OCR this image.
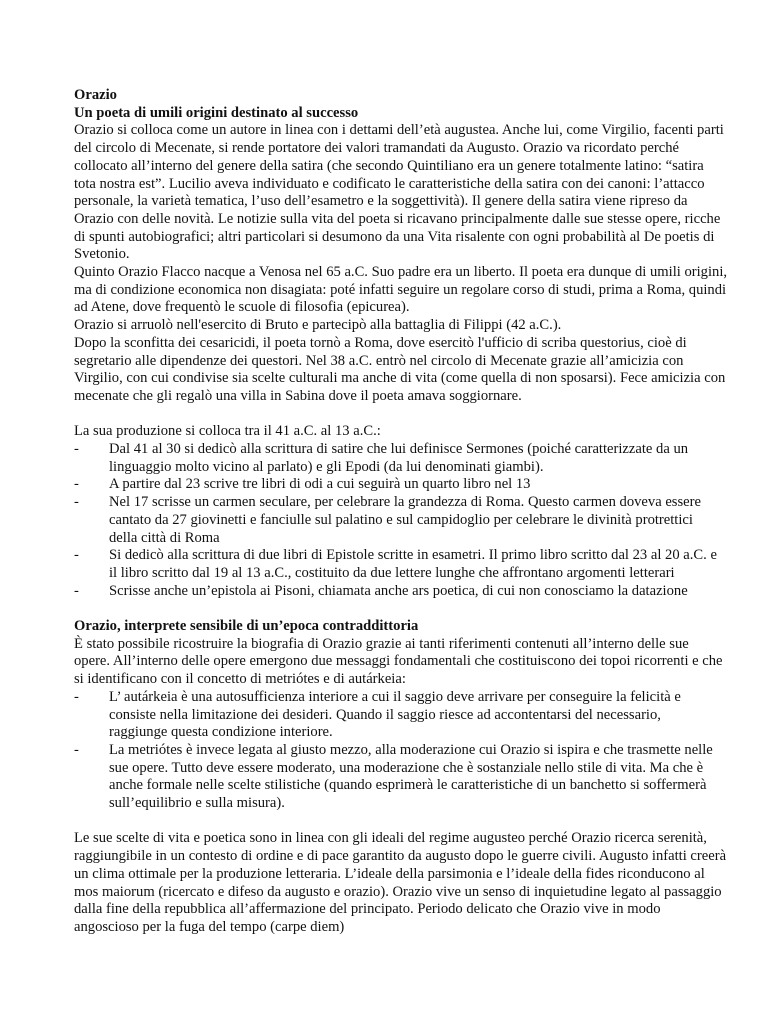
Orazio
Un poeta di umili origini destinato al successo

Orazio si colloca come un autore in linea con i dettami dell’età augustea. Anche lui, come Virgilio, facenti parti del circolo di Mecenate, si rende portatore dei valori tramandati da Augusto. Orazio va ricordato perché collocato all’interno del genere della satira (che secondo Quintiliano era un genere totalmente latino: “satira tota nostra est”. Lucilio aveva individuato e codificato le caratteristiche della satira con dei canoni: l’attacco personale, la varietà tematica, l’uso dell’esametro e la soggettività). Il genere della satira viene ripreso da Orazio con delle novità. Le notizie sulla vita del poeta si ricavano principalmente dalle sue stesse opere, ricche di spunti autobiografici; altri particolari si desumono da una Vita risalente con ogni probabilità al De poetis di Svetonio.

Quinto Orazio Flacco nacque a Venosa nel 65 a.C. Suo padre era un liberto. Il poeta era dunque di umili origini, ma di condizione economica non disagiata: poté infatti seguire un regolare corso di studi, prima a Roma, quindi ad Atene, dove frequentò le scuole di filosofia (epicurea).

Orazio si arruolò nell'esercito di Bruto e partecipò alla battaglia di Filippi (42 a.C.).

Dopo la sconfitta dei cesaricidi, il poeta tornò a Roma, dove esercitò l'ufficio di scriba questorius, cioè di segretario alle dipendenze dei questori. Nel 38 a.C. entrò nel circolo di Mecenate grazie all’amicizia con Virgilio, con cui condivise sia scelte culturali ma anche di vita (come quella di non sposarsi). Fece amicizia con mecenate che gli regalò una villa in Sabina dove il poeta amava soggiornare.

La sua produzione si colloca tra il 41 a.C. al 13 a.C.:

-	Dal 41 al 30 si dedicò alla scrittura di satire che lui definisce Sermones (poiché caratterizzate da un linguaggio molto vicino al parlato) e gli Epodi (da lui denominati giambi).
-	A partire dal 23 scrive tre libri di odi a cui seguirà un quarto libro nel 13
-	Nel 17 scrisse un carmen seculare, per celebrare la grandezza di Roma. Questo carmen doveva essere cantato da 27 giovinetti e fanciulle sul palatino e sul campidoglio per celebrare le divinità protrettici della città di Roma
-	Si dedicò alla scrittura di due libri di Epistole scritte in esametri. Il primo libro scritto dal 23 al 20 a.C. e il libro scritto dal 19 al 13 a.C., costituito da due lettere lunghe che affrontano argomenti letterari
-	Scrisse anche un’epistola ai Pisoni, chiamata anche ars poetica, di cui non conosciamo la datazione
Orazio, interprete sensibile di un’epoca contraddittoria

È stato possibile ricostruire la biografia di Orazio grazie ai tanti riferimenti contenuti all’interno delle sue opere. All’interno delle opere emergono due messaggi fondamentali che costituiscono dei topoi ricorrenti e che si identificano con il concetto di metriótes e di autárkeia:

-	L’ autárkeia è una autosufficienza interiore a cui il saggio deve arrivare per conseguire la felicità e consiste nella limitazione dei desideri. Quando il saggio riesce ad accontentarsi del necessario, raggiunge questa condizione interiore.
-	La metriótes è invece legata al giusto mezzo, alla moderazione cui Orazio si ispira e che trasmette nelle sue opere. Tutto deve essere moderato, una moderazione che è sostanziale nello stile di vita. Ma che è anche formale nelle scelte stilistiche (quando esprimerà le caratteristiche di un banchetto si soffermerà sull’equilibrio e sulla misura).

Le sue scelte di vita e poetica sono in linea con gli ideali del regime augusteo perché Orazio ricerca serenità, raggiungibile in un contesto di ordine e di pace garantito da augusto dopo le guerre civili. Augusto infatti creerà un clima ottimale per la produzione letteraria. L’ideale della parsimonia e l’ideale della fides riconducono al mos maiorum (ricercato e difeso da augusto e orazio). Orazio vive un senso di inquietudine legato al passaggio dalla fine della repubblica all’affermazione del principato. Periodo delicato che Orazio vive in modo angoscioso per la fuga del tempo (carpe diem)
